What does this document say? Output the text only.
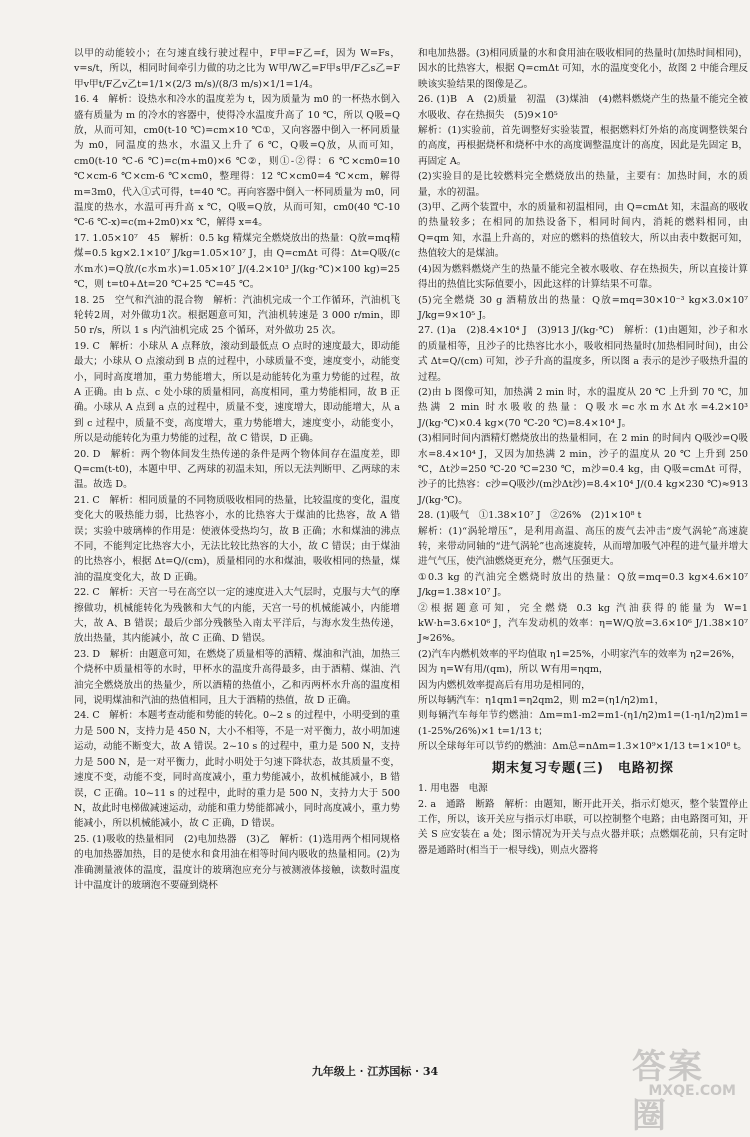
以甲的动能较小；在匀速直线行驶过程中，F甲=F乙=f，因为 W=Fs，v=s/t，所以，相同时间牵引力做的功之比为 W甲/W乙=F甲s甲/F乙s乙=F甲v甲t/F乙v乙t=1/1×(2/3 m/s)/(8/3 m/s)×1/1=1/4。

16. 4　解析：设热水和冷水的温度差为 t，因为质量为 m0 的一杯热水倒入盛有质量为 m 的冷水的容器中，使得冷水温度升高了 10 ℃，所以 Q吸=Q放，从而可知，cm0(t-10 ℃)=cm×10 ℃①，又向容器中倒入一杯同质量为 m0，同温度的热水，水温又上升了 6 ℃，Q吸=Q放，从而可知，cm0(t-10 ℃-6 ℃)=c(m+m0)×6 ℃②，则①-②得：6 ℃×cm0=10 ℃×cm-6 ℃×cm-6 ℃×cm0，整理得：12 ℃×cm0=4 ℃×cm，解得 m=3m0，代入①式可得，t=40 ℃。再向容器中倒入一杯同质量为 m0，同温度的热水，水温可再升高 x ℃，Q吸=Q放，从而可知，cm0(40 ℃-10 ℃-6 ℃-x)=c(m+2m0)×x ℃，解得 x=4。

17. 1.05×10⁷　45　解析：0.5 kg 精煤完全燃烧放出的热量：Q放=mq精煤=0.5 kg×2.1×10⁷ J/kg=1.05×10⁷ J，由 Q=cmΔt 可得：Δt=Q吸/(c水m水)=Q放/(c水m水)=1.05×10⁷ J/(4.2×10³ J/(kg·℃)×100 kg)=25 ℃，则 t=t0+Δt=20 ℃+25 ℃=45 ℃。

18. 25　空气和汽油的混合物　解析：汽油机完成一个工作循环，汽油机飞轮转2周，对外做功1次。根据题意可知，汽油机转速是 3 000 r/min，即 50 r/s，所以 1 s 内汽油机完成 25 个循环，对外做功 25 次。

19. C　解析：小球从 A 点释放，滚动到最低点 O 点时的速度最大，即动能最大；小球从 O 点滚动到 B 点的过程中，小球质量不变，速度变小，动能变小，同时高度增加，重力势能增大，所以是动能转化为重力势能的过程，故 A 正确。由 b 点、c 处小球的质量相同，高度相同，重力势能相同，故 B 正确。小球从 A 点到 a 点的过程中，质量不变，速度增大，即动能增大，从 a 到 c 过程中，质量不变，高度增大，重力势能增大，速度变小，动能变小，所以是动能转化为重力势能的过程，故 C 错误，D 正确。

20. D　解析：两个物体间发生热传递的条件是两个物体间存在温度差，即 Q=cm(t-t0)，本题中甲、乙两球的初温未知，所以无法判断甲、乙两球的末温。故选 D。

21. C　解析：相同质量的不同物质吸收相同的热量，比较温度的变化，温度变化大的吸热能力弱，比热容小，水的比热容大于煤油的比热容，故 A 错误；实验中玻璃棒的作用是：使液体受热均匀，故 B 正确；水和煤油的沸点不同，不能判定比热容大小，无法比较比热容的大小，故 C 错误；由于煤油的比热容小，根据 Δt=Q/(cm)，质量相同的水和煤油，吸收相同的热量，煤油的温度变化大，故 D 正确。

22. C　解析：天宫一号在高空以一定的速度进入大气层时，克服与大气的摩擦做功，机械能转化为残骸和大气的内能，天宫一号的机械能减小，内能增大，故 A、B 错误；最后少部分残骸坠入南太平洋后，与海水发生热传递，放出热量，其内能减小，故 C 正确、D 错误。

23. D　解析：由题意可知，在燃烧了质量相等的酒精、煤油和汽油，加热三个烧杯中质量相等的水时，甲杯水的温度升高得最多，由于酒精、煤油、汽油完全燃烧放出的热量少，所以酒精的热值小，乙和丙两杯水升高的温度相同，说明煤油和汽油的热值相同，且大于酒精的热值，故 D 正确。

24. C　解析：本题考查动能和势能的转化。0~2 s 的过程中，小明受到的重力是 500 N，支持力是 450 N，大小不相等，不是一对平衡力，故小明加速运动，动能不断变大，故 A 错误。2~10 s 的过程中，重力是 500 N，支持力是 500 N，是一对平衡力，此时小明处于匀速下降状态，故其质量不变，速度不变，动能不变，同时高度减小，重力势能减小，故机械能减小，B 错误，C 正确。10~11 s 的过程中，此时的重力是 500 N，支持力大于 500 N，故此时电梯做减速运动，动能和重力势能都减小，同时高度减小，重力势能减小，所以机械能减小，故 C 正确，D 错误。

25. (1)吸收的热量相同　(2)电加热器　(3)乙　解析：(1)选用两个相同规格的电加热器加热，目的是使水和食用油在相等时间内吸收的热量相同。(2)为准确测量液体的温度，温度计的玻璃泡应充分与被测液体接触，读数时温度计中温度计的玻璃泡不要碰到烧杯

和电加热器。(3)相同质量的水和食用油在吸收相同的热量时(加热时间相同)，因水的比热容大，根据 Q=cmΔt 可知，水的温度变化小，故图 2 中能合理反映该实验结果的图像是乙。

26. (1)B　A　(2)质量　初温　(3)煤油　(4)燃料燃烧产生的热量不能完全被水吸收、存在热损失　(5)9×10⁵

解析：(1)实验前，首先调整好实验装置，根据燃料灯外焰的高度调整铁架台的高度，再根据烧杯和烧杯中水的高度调整温度计的高度，因此是先固定 B，再固定 A。

(2)实验目的是比较燃料完全燃烧放出的热量，主要有：加热时间，水的质量，水的初温。

(3)甲、乙两个装置中，水的质量和初温相同，由 Q=cmΔt 知，末温高的吸收的热量较多；在相同的加热设备下，相同时间内，消耗的燃料相同，由 Q=qm 知，水温上升高的，对应的燃料的热值较大，所以由表中数据可知，热值较大的是煤油。

(4)因为燃料燃烧产生的热量不能完全被水吸收、存在热损失，所以直接计算得出的热值比实际值要小，因此这样的计算结果不可靠。

(5)完全燃烧 30 g 酒精放出的热量：Q放=mq=30×10⁻³ kg×3.0×10⁷ J/kg=9×10⁵ J。

27. (1)a　(2)8.4×10⁴ J　(3)913 J/(kg·℃)　解析：(1)由题知，沙子和水的质量相等，且沙子的比热容比水小，吸收相同热量时(加热相同时间)，由公式 Δt=Q/(cm) 可知，沙子升高的温度多，所以图 a 表示的是沙子吸热升温的过程。

(2)由 b 图像可知，加热满 2 min 时，水的温度从 20 ℃ 上升到 70 ℃，加热满 2 min 时水吸收的热量：Q吸水=c水m水Δt水=4.2×10³ J/(kg·℃)×0.4 kg×(70 ℃-20 ℃)=8.4×10⁴ J。

(3)相同时间内酒精灯燃烧放出的热量相同，在 2 min 的时间内 Q吸沙=Q吸水=8.4×10⁴ J，又因为加热满 2 min，沙子的温度从 20 ℃ 上升到 250 ℃，Δt沙=250 ℃-20 ℃=230 ℃，m沙=0.4 kg，由 Q吸=cmΔt 可得，沙子的比热容：c沙=Q吸沙/(m沙Δt沙)=8.4×10⁴ J/(0.4 kg×230 ℃)≈913 J/(kg·℃)。

28. (1)吸气　①1.38×10⁷ J　②26%　(2)1×10⁸ t

解析：(1)“涡轮增压”，是利用高温、高压的废气去冲击“废气涡轮”高速旋转，来带动同轴的“进气涡轮”也高速旋转，从而增加吸气冲程的进气量并增大进气气压，使汽油燃烧更充分，燃气压强更大。

①0.3 kg 的汽油完全燃烧时放出的热量：Q放=mq=0.3 kg×4.6×10⁷ J/kg=1.38×10⁷ J。

②根据题意可知，完全燃烧 0.3 kg 汽油获得的能量为 W=1 kW·h=3.6×10⁶ J，汽车发动机的效率：η=W/Q放=3.6×10⁶ J/1.38×10⁷ J≈26%。

(2)汽车内燃机效率的平均值取 η1=25%，小明家汽车的效率为 η2=26%，

因为 η=W有用/(qm)，所以 W有用=ηqm，

因为内燃机效率提高后有用功是相同的，

所以每辆汽车：η1qm1=η2qm2，则 m2=(η1/η2)m1，

则每辆汽车每年节约燃油：Δm=m1-m2=m1-(η1/η2)m1=(1-η1/η2)m1=(1-25%/26%)×1 t=1/13 t；

所以全球每年可以节约的燃油：Δm总=nΔm=1.3×10⁹×1/13 t=1×10⁸ t。

期末复习专题(三)　电路初探

1. 用电器　电源

2. a　通路　断路　解析：由题知，断开此开关，指示灯熄灭，整个装置停止工作，所以，该开关应与指示灯串联，可以控制整个电路；由电路图可知，开关 S 应安装在 a 处；图示情况为开关与点火器并联；点燃烟花前，只有定时器是通路时(相当于一根导线)，则点火器将

九年级上 · 江苏国标 · 34	答案圈
MXQE.COM
